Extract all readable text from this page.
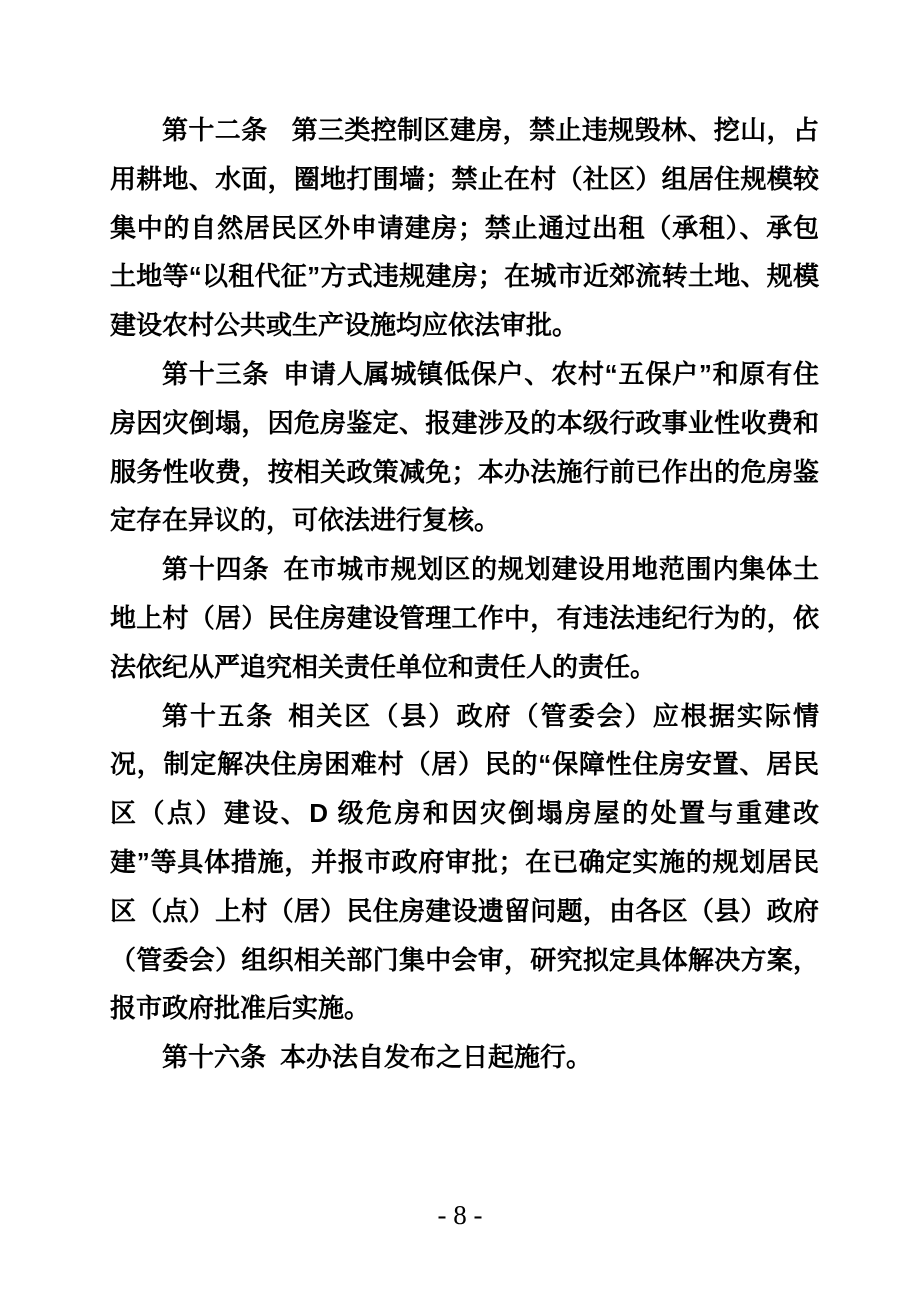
第十二条 第三类控制区建房，禁止违规毁林、挖山，占用耕地、水面，圈地打围墙；禁止在村（社区）组居住规模较集中的自然居民区外申请建房；禁止通过出租（承租）、承包土地等“以租代征”方式违规建房；在城市近郊流转土地、规模建设农村公共或生产设施均应依法审批。

第十三条 申请人属城镇低保户、农村“五保户”和原有住房因灾倒塌，因危房鉴定、报建涉及的本级行政事业性收费和服务性收费，按相关政策减免；本办法施行前已作出的危房鉴定存在异议的，可依法进行复核。

第十四条 在市城市规划区的规划建设用地范围内集体土地上村（居）民住房建设管理工作中，有违法违纪行为的，依法依纪从严追究相关责任单位和责任人的责任。

第十五条 相关区（县）政府（管委会）应根据实际情况，制定解决住房困难村（居）民的“保障性住房安置、居民区（点）建设、D 级危房和因灾倒塌房屋的处置与重建改建”等具体措施，并报市政府审批；在已确定实施的规划居民区（点）上村（居）民住房建设遗留问题，由各区（县）政府（管委会）组织相关部门集中会审，研究拟定具体解决方案，报市政府批准后实施。

第十六条 本办法自发布之日起施行。

- 8 -
